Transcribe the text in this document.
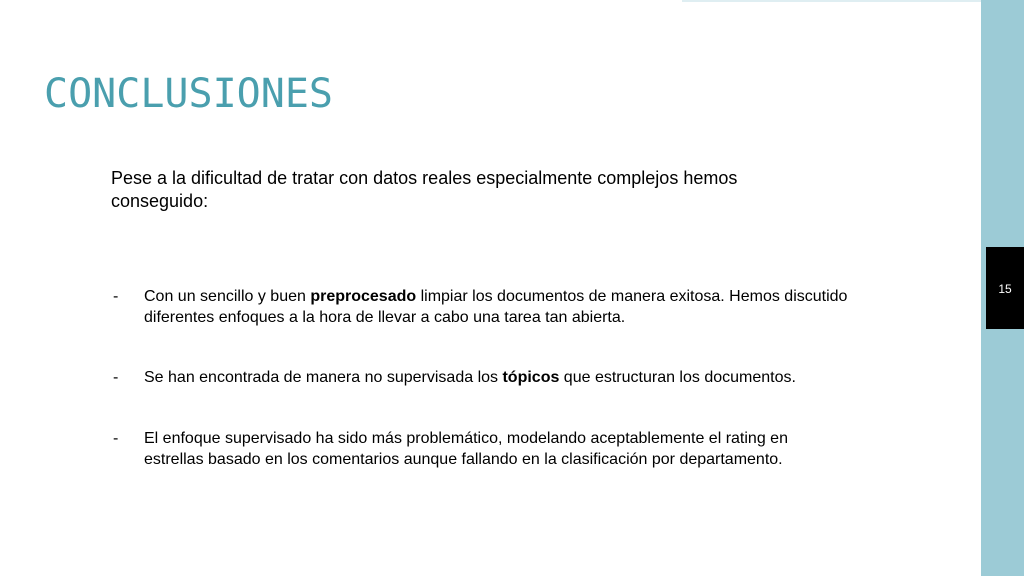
15
CONCLUSIONES

Pese a la dificultad de tratar con datos reales especialmente complejos hemos conseguido:

- Con un sencillo y buen preprocesado limpiar los documentos de manera exitosa. Hemos discutido diferentes enfoques a la hora de llevar a cabo una tarea tan abierta.
- Se han encontrada de manera no supervisada los tópicos que estructuran los documentos.
- El enfoque supervisado ha sido más problemático, modelando aceptablemente el rating en estrellas basado en los comentarios aunque fallando en la clasificación por departamento.
